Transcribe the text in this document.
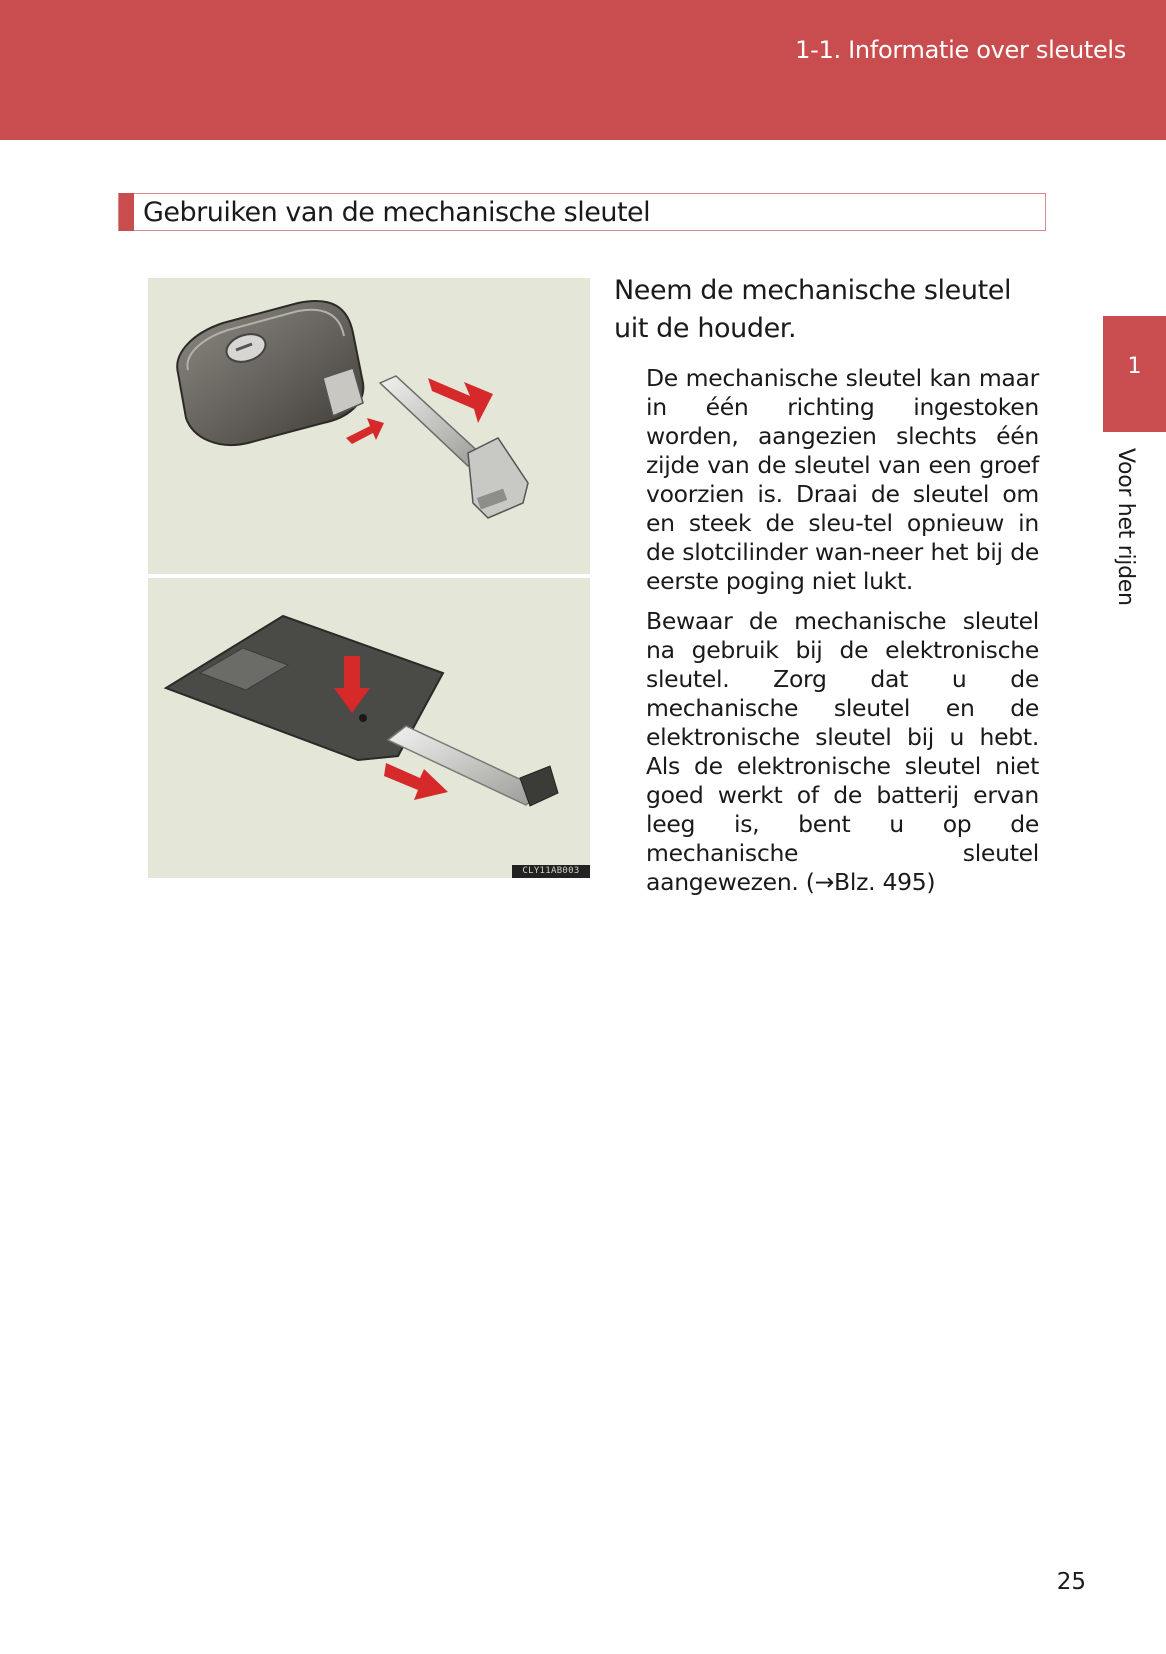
1-1. Informatie over sleutels
Gebruiken van de mechanische sleutel
CLY11AB003

Neem de mechanische sleutel uit de houder.

De mechanische sleutel kan maar in één richting ingestoken worden, aangezien slechts één zijde van de sleutel van een groef voorzien is. Draai de sleutel om en steek de sleu-tel opnieuw in de slotcilinder wan-neer het bij de eerste poging niet lukt.

Bewaar de mechanische sleutel na gebruik bij de elektronische sleutel. Zorg dat u de mechanische sleutel en de elektronische sleutel bij u hebt. Als de elektronische sleutel niet goed werkt of de batterij ervan leeg is, bent u op de mechanische sleutel aangewezen. (→Blz. 495)

1
Voor het rijden
25
